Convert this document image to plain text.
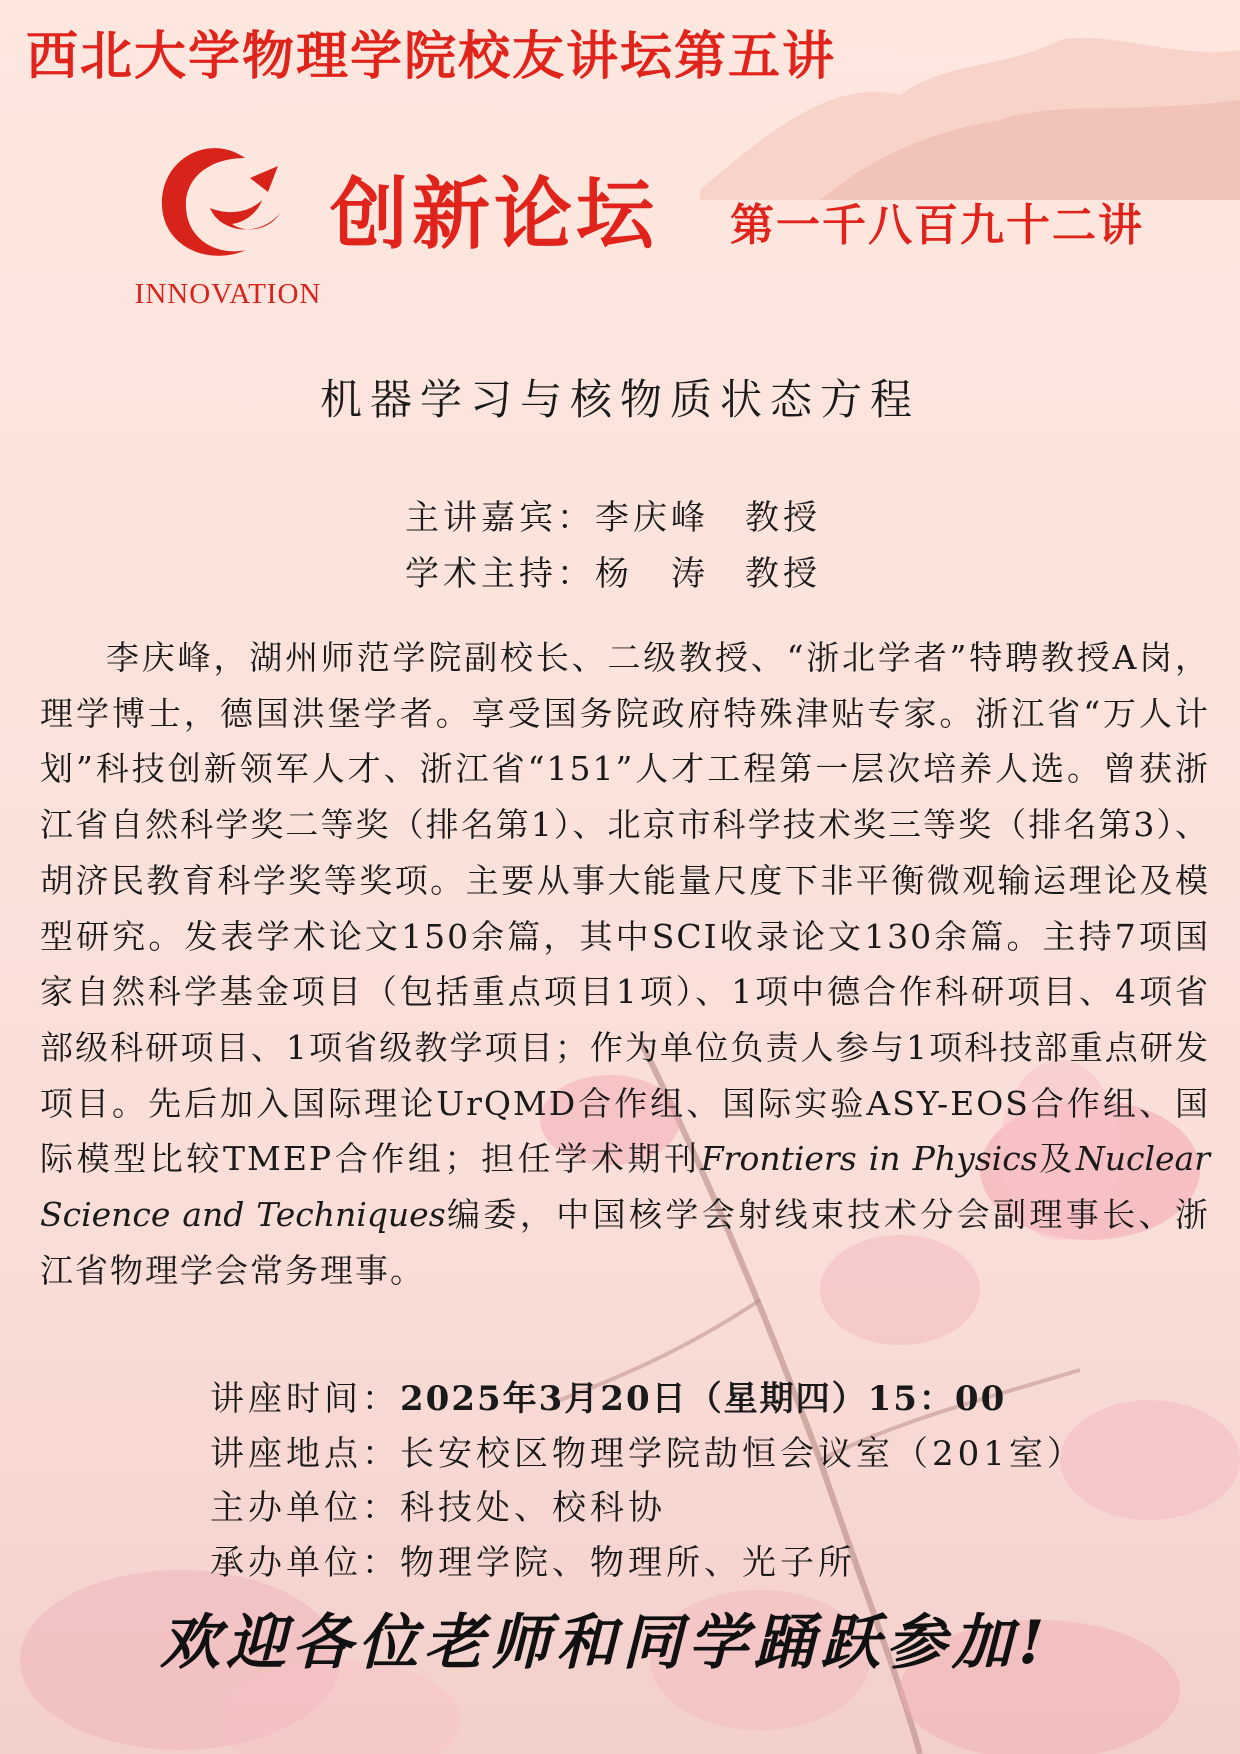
西北大学物理学院校友讲坛第五讲
INNOVATION
创新论坛 第一千八百九十二讲
机器学习与核物质状态方程
主讲嘉宾：李庆峰 教授
学术主持：杨　涛 教授

李庆峰，湖州师范学院副校长、二级教授、“浙北学者”特聘教授A岗，理学博士，德国洪堡学者。享受国务院政府特殊津贴专家。浙江省“万人计划”科技创新领军人才、浙江省“151”人才工程第一层次培养人选。曾获浙江省自然科学奖二等奖（排名第1）、北京市科学技术奖三等奖（排名第3）、胡济民教育科学奖等奖项。主要从事大能量尺度下非平衡微观输运理论及模型研究。发表学术论文150余篇，其中SCI收录论文130余篇。主持7项国家自然科学基金项目（包括重点项目1项）、1项中德合作科研项目、4项省部级科研项目、1项省级教学项目；作为单位负责人参与1项科技部重点研发项目。先后加入国际理论UrQMD合作组、国际实验ASY-EOS合作组、国际模型比较TMEP合作组；担任学术期刊Frontiers in Physics及Nuclear Science and Techniques编委，中国核学会射线束技术分会副理事长、浙江省物理学会常务理事。

讲座时间：2025年3月20日（星期四）15：00
讲座地点：长安校区物理学院劼恒会议室（201室）
主办单位：科技处、校科协
承办单位：物理学院、物理所、光子所
欢迎各位老师和同学踊跃参加!
